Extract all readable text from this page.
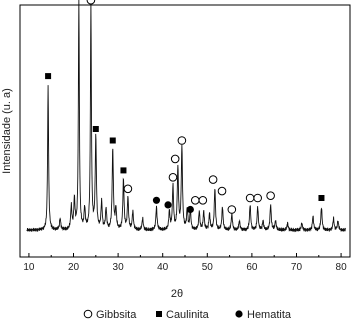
10	20	30	40	50	60	70	80
Intensidade (u. a)
2θ
Gibbsita	Caulinita	Hematita
